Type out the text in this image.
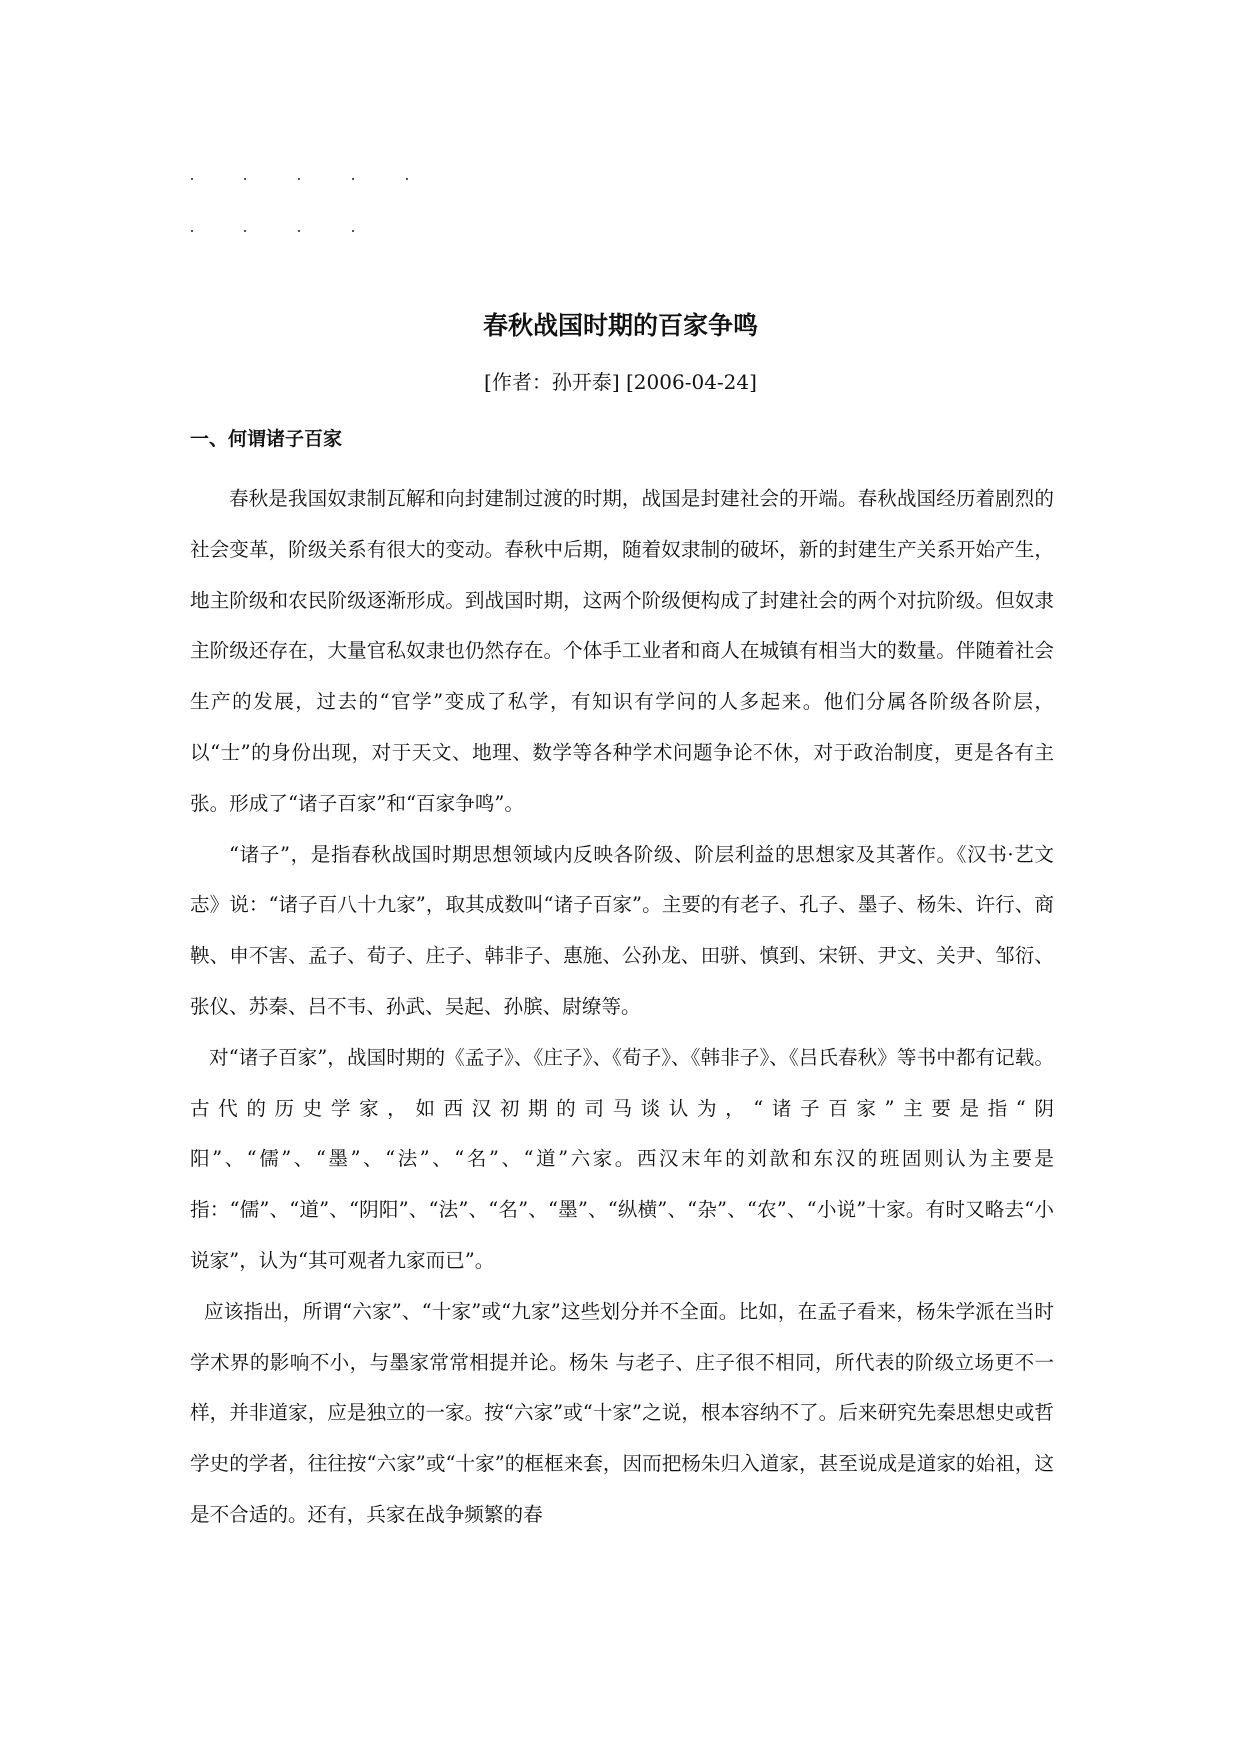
春秋战国时期的百家争鸣

[作者：孙开泰] [2006-04-24]

一、何谓诸子百家

春秋是我国奴隶制瓦解和向封建制过渡的时期，战国是封建社会的开端。春秋战国经历着剧烈的社会变革，阶级关系有很大的变动。春秋中后期，随着奴隶制的破坏，新的封建生产关系开始产生，地主阶级和农民阶级逐渐形成。到战国时期，这两个阶级便构成了封建社会的两个对抗阶级。但奴隶主阶级还存在，大量官私奴隶也仍然存在。个体手工业者和商人在城镇有相当大的数量。伴随着社会生产的发展，过去的“官学”变成了私学，有知识有学问的人多起来。他们分属各阶级各阶层，以“士”的身份出现，对于天文、地理、数学等各种学术问题争论不休，对于政治制度，更是各有主张。形成了“诸子百家”和“百家争鸣”。

“诸子”，是指春秋战国时期思想领域内反映各阶级、阶层利益的思想家及其著作。《汉书·艺文志》说：“诸子百八十九家”，取其成数叫“诸子百家”。主要的有老子、孔子、墨子、杨朱、许行、商鞅、申不害、孟子、荀子、庄子、韩非子、惠施、公孙龙、田骈、慎到、宋钘、尹文、关尹、邹衍、张仪、苏秦、吕不韦、孙武、吴起、孙膑、尉缭等。

对“诸子百家”，战国时期的《孟子》、《庄子》、《荀子》、《韩非子》、《吕氏春秋》等书中都有记载。古代的历史学家，如西汉初期的司马谈认为，“诸子百家”主要是指“阴阳”、“儒”、“墨”、“法”、“名”、“道”六家。西汉末年的刘歆和东汉的班固则认为主要是指：“儒”、“道”、“阴阳”、“法”、“名”、“墨”、“纵横”、“杂”、“农”、“小说”十家。有时又略去“小说家”，认为“其可观者九家而已”。

应该指出，所谓“六家”、“十家”或“九家”这些划分并不全面。比如，在孟子看来，杨朱学派在当时学术界的影响不小，与墨家常常相提并论。杨朱 与老子、庄子很不相同，所代表的阶级立场更不一样，并非道家，应是独立的一家。按“六家”或“十家”之说，根本容纳不了。后来研究先秦思想史或哲学史的学者，往往按“六家”或“十家”的框框来套，因而把杨朱归入道家，甚至说成是道家的始祖，这是不合适的。还有，兵家在战争频繁的春
